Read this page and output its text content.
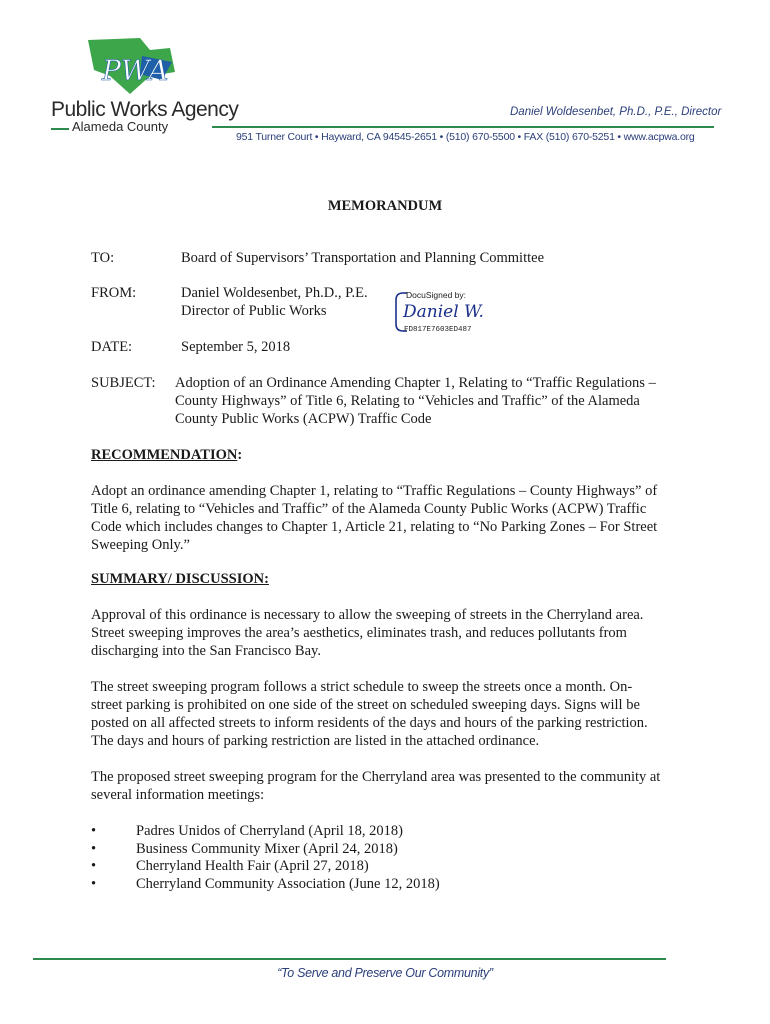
PWA
Public Works Agency
Alameda County
Daniel Woldesenbet, Ph.D., P.E., Director
951 Turner Court • Hayward, CA 94545-2651 • (510) 670-5500 • FAX (510) 670-5251 • www.acpwa.org
MEMORANDUM
TO:	Board of Supervisors’ Transportation and Planning Committee
FROM:	Daniel Woldesenbet, Ph.D., P.E.
Director of Public Works
DocuSigned by:
Daniel W.
FD817E7603ED487
DATE:	September 5, 2018
SUBJECT: Adoption of an Ordinance Amending Chapter 1, Relating to “Traffic Regulations –
County Highways” of Title 6, Relating to “Vehicles and Traffic” of the Alameda
County Public Works (ACPW) Traffic Code
RECOMMENDATION:
Adopt an ordinance amending Chapter 1, relating to “Traffic Regulations – County Highways” of
Title 6, relating to “Vehicles and Traffic” of the Alameda County Public Works (ACPW) Traffic
Code which includes changes to Chapter 1, Article 21, relating to “No Parking Zones – For Street
Sweeping Only.”
SUMMARY/ DISCUSSION:
Approval of this ordinance is necessary to allow the sweeping of streets in the Cherryland area.
Street sweeping improves the area’s aesthetics, eliminates trash, and reduces pollutants from
discharging into the San Francisco Bay.
The street sweeping program follows a strict schedule to sweep the streets once a month. On-
street parking is prohibited on one side of the street on scheduled sweeping days. Signs will be
posted on all affected streets to inform residents of the days and hours of the parking restriction.
The days and hours of parking restriction are listed in the attached ordinance.
The proposed street sweeping program for the Cherryland area was presented to the community at
several information meetings:
•	Padres Unidos of Cherryland (April 18, 2018)
•	Business Community Mixer (April 24, 2018)
•	Cherryland Health Fair (April 27, 2018)
•	Cherryland Community Association (June 12, 2018)
“To Serve and Preserve Our Community”
